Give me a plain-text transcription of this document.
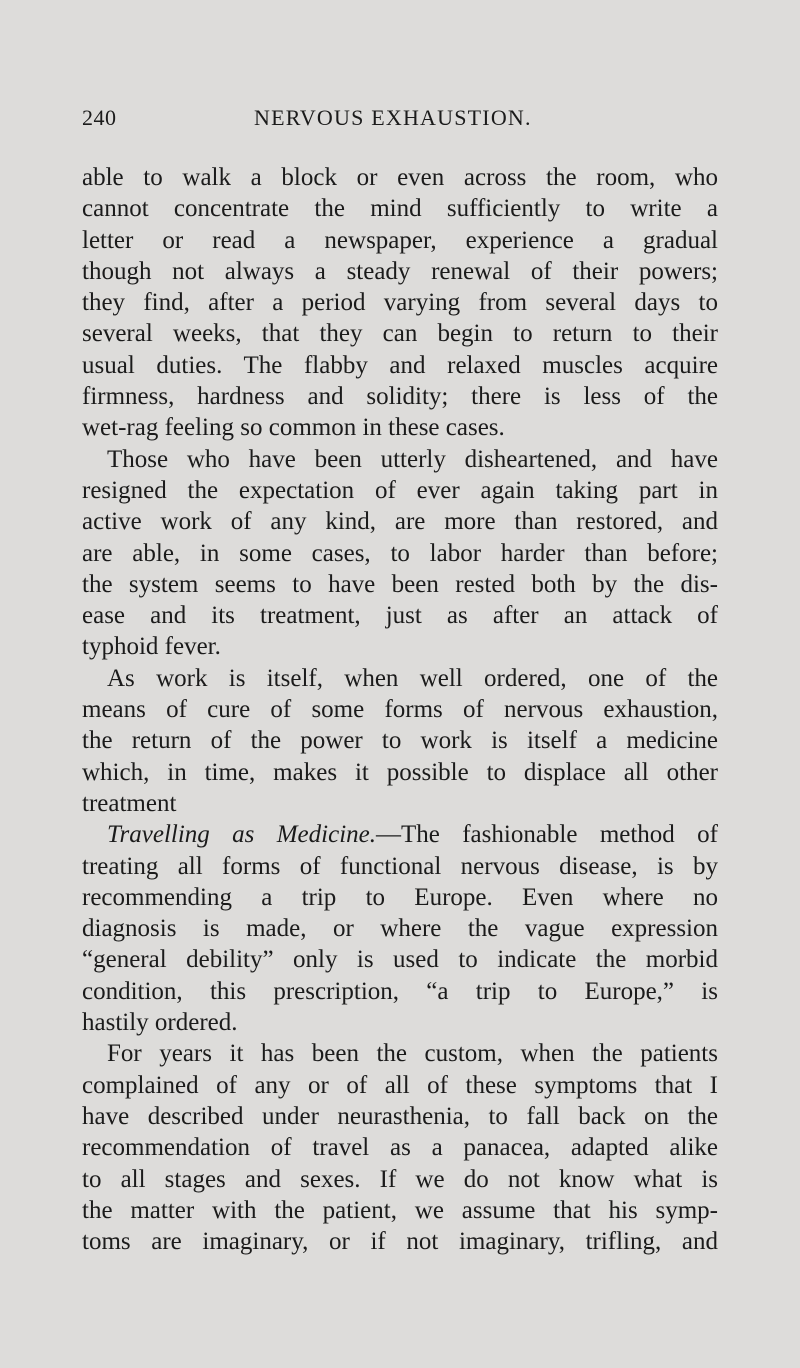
240	NERVOUS EXHAUSTION.
able to walk a block or even across the room, who
cannot concentrate the mind sufficiently to write a
letter or read a newspaper, experience a gradual
though not always a steady renewal of their powers;
they find, after a period varying from several days to
several weeks, that they can begin to return to their
usual duties. The flabby and relaxed muscles acquire
firmness, hardness and solidity; there is less of the
wet-rag feeling so common in these cases.
Those who have been utterly disheartened, and have
resigned the expectation of ever again taking part in
active work of any kind, are more than restored, and
are able, in some cases, to labor harder than before;
the system seems to have been rested both by the dis-
ease and its treatment, just as after an attack of
typhoid fever.
As work is itself, when well ordered, one of the
means of cure of some forms of nervous exhaustion,
the return of the power to work is itself a medicine
which, in time, makes it possible to displace all other
treatment
Travelling as Medicine.—The fashionable method of
treating all forms of functional nervous disease, is by
recommending a trip to Europe. Even where no
diagnosis is made, or where the vague expression
“general debility” only is used to indicate the morbid
condition, this prescription, “a trip to Europe,” is
hastily ordered.
For years it has been the custom, when the patients
complained of any or of all of these symptoms that I
have described under neurasthenia, to fall back on the
recommendation of travel as a panacea, adapted alike
to all stages and sexes. If we do not know what is
the matter with the patient, we assume that his symp-
toms are imaginary, or if not imaginary, trifling, and
